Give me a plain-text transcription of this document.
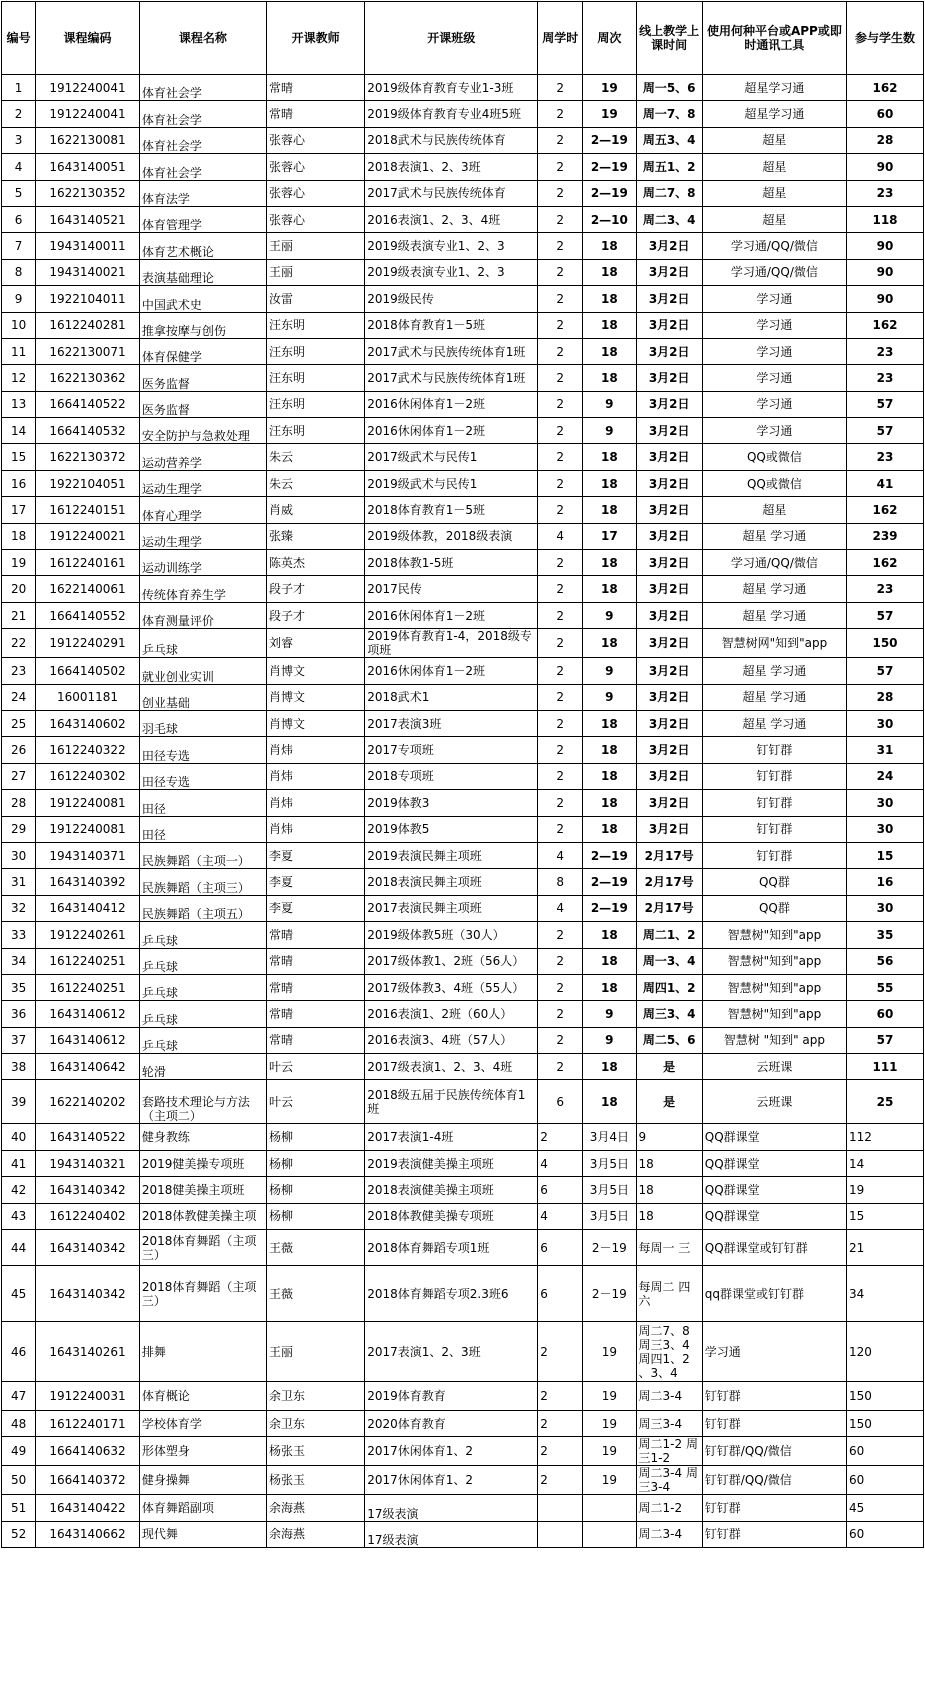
编号	课程编码	课程名称	开课教师	开课班级	周学时	周次	线上教学上课时间	使用何种平台或APP或即时通讯工具	参与学生数
1	1912240041	体育社会学	常晴	2019级体育教育专业1-3班	2	19	周一5、6	超星学习通	162
2	1912240041	体育社会学	常晴	2019级体育教育专业4班5班	2	19	周一7、8	超星学习通	60
3	1622130081	体育社会学	张蓉心	2018武术与民族传统体育	2	2—19	周五3、4	超星	28
4	1643140051	体育社会学	张蓉心	2018表演1、2、3班	2	2—19	周五1、2	超星	90
5	1622130352	体育法学	张蓉心	2017武术与民族传统体育	2	2—19	周二7、8	超星	23
6	1643140521	体育管理学	张蓉心	2016表演1、2、3、4班	2	2—10	周二3、4	超星	118
7	1943140011	体育艺术概论	王丽	2019级表演专业1、2、3	2	18	3月2日	学习通/QQ/微信	90
8	1943140021	表演基础理论	王丽	2019级表演专业1、2、3	2	18	3月2日	学习通/QQ/微信	90
9	1922104011	中国武术史	汝雷	2019级民传	2	18	3月2日	学习通	90
10	1612240281	推拿按摩与创伤	汪东明	2018体育教育1－5班	2	18	3月2日	学习通	162
11	1622130071	体育保健学	汪东明	2017武术与民族传统体育1班	2	18	3月2日	学习通	23
12	1622130362	医务监督	汪东明	2017武术与民族传统体育1班	2	18	3月2日	学习通	23
13	1664140522	医务监督	汪东明	2016休闲体育1－2班	2	9	3月2日	学习通	57
14	1664140532	安全防护与急救处理	汪东明	2016休闲体育1－2班	2	9	3月2日	学习通	57
15	1622130372	运动营养学	朱云	2017级武术与民传1	2	18	3月2日	QQ或微信	23
16	1922104051	运动生理学	朱云	2019级武术与民传1	2	18	3月2日	QQ或微信	41
17	1612240151	体育心理学	肖威	2018体育教育1－5班	2	18	3月2日	超星	162
18	1912240021	运动生理学	张臻	2019级体教，2018级表演	4	17	3月2日	超星 学习通	239
19	1612240161	运动训练学	陈英杰	2018体教1-5班	2	18	3月2日	学习通/QQ/微信	162
20	1622140061	传统体育养生学	段子才	2017民传	2	18	3月2日	超星 学习通	23
21	1664140552	体育测量评价	段子才	2016休闲体育1－2班	2	9	3月2日	超星 学习通	57
22	1912240291	乒乓球	刘睿	2019体育教育1-4，2018级专项班	2	18	3月2日	智慧树网"知到"app	150
23	1664140502	就业创业实训	肖博文	2016休闲体育1－2班	2	9	3月2日	超星 学习通	57
24	16001181	创业基础	肖博文	2018武术1	2	9	3月2日	超星 学习通	28
25	1643140602	羽毛球	肖博文	2017表演3班	2	18	3月2日	超星 学习通	30
26	1612240322	田径专选	肖炜	2017专项班	2	18	3月2日	钉钉群	31
27	1612240302	田径专选	肖炜	2018专项班	2	18	3月2日	钉钉群	24
28	1912240081	田径	肖炜	2019体教3	2	18	3月2日	钉钉群	30
29	1912240081	田径	肖炜	2019体教5	2	18	3月2日	钉钉群	30
30	1943140371	民族舞蹈（主项一）	李夏	2019表演民舞主项班	4	2—19	2月17号	钉钉群	15
31	1643140392	民族舞蹈（主项三）	李夏	2018表演民舞主项班	8	2—19	2月17号	QQ群	16
32	1643140412	民族舞蹈（主项五）	李夏	2017表演民舞主项班	4	2—19	2月17号	QQ群	30
33	1912240261	乒乓球	常晴	2019级体教5班（30人）	2	18	周二1、2	智慧树"知到"app	35
34	1612240251	乒乓球	常晴	2017级体教1、2班（56人）	2	18	周一3、4	智慧树"知到"app	56
35	1612240251	乒乓球	常晴	2017级体教3、4班（55人）	2	18	周四1、2	智慧树"知到"app	55
36	1643140612	乒乓球	常晴	2016表演1、2班（60人）	2	9	周三3、4	智慧树"知到"app	60
37	1643140612	乒乓球	常晴	2016表演3、4班（57人）	2	9	周二5、6	智慧树 "知到" app	57
38	1643140642	轮滑	叶云	2017级表演1、2、3、4班	2	18	是	云班课	111
39	1622140202	套路技术理论与方法（主项二）	叶云	2018级五届于民族传统体育1班	6	18	是	云班课	25
40	1643140522	健身教练	杨柳	2017表演1-4班	2	3月4日	9	QQ群课堂	112
41	1943140321	2019健美操专项班	杨柳	2019表演健美操主项班	4	3月5日	18	QQ群课堂	14
42	1643140342	2018健美操主项班	杨柳	2018表演健美操主项班	6	3月5日	18	QQ群课堂	19
43	1612240402	2018体教健美操主项	杨柳	2018体教健美操专项班	4	3月5日	18	QQ群课堂	15
44	1643140342	2018体育舞蹈（主项三）	王薇	2018体育舞蹈专项1班	6	2－19	每周一 三	QQ群课堂或钉钉群	21
45	1643140342	2018体育舞蹈（主项三）	王薇	2018体育舞蹈专项2.3班6	6	2－19	每周二 四 六	qq群课堂或钉钉群	34
46	1643140261	排舞	王丽	2017表演1、2、3班	2	19	周二7、8 周三3、4 周四1、2 、3、4	学习通	120
47	1912240031	体育概论	余卫东	2019体育教育	2	19	周二3-4	钉钉群	150
48	1612240171	学校体育学	余卫东	2020体育教育	2	19	周三3-4	钉钉群	150
49	1664140632	形体塑身	杨张玉	2017休闲体育1、2	2	19	周二1-2 周三1-2	钉钉群/QQ/微信	60
50	1664140372	健身操舞	杨张玉	2017休闲体育1、2	2	19	周二3-4 周三3-4	钉钉群/QQ/微信	60
51	1643140422	体育舞蹈副项	余海燕	17级表演			周二1-2	钉钉群	45
52	1643140662	现代舞	余海燕	17级表演			周二3-4	钉钉群	60
